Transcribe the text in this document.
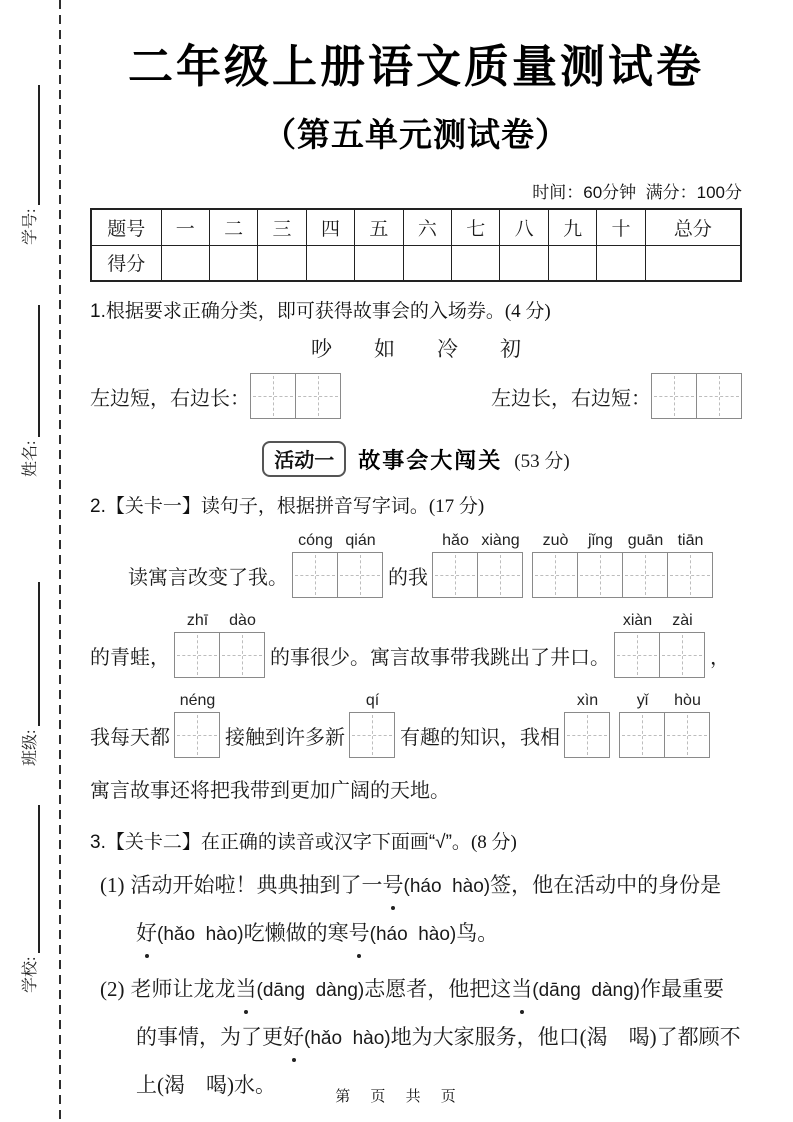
学号:
姓名:
班级:
学校:
二年级上册语文质量测试卷
（第五单元测试卷）
时间：60分钟  满分：100分
题号	一	二	三	四	五	六	七	八	九	十	总分
得分											
1.根据要求正确分类，即可获得故事会的入场券。(4 分)
吵 如 冷 初
左边短，右边长：	左边长，右边短：
活动一	故事会大闯关 (53 分)
2.【关卡一】读句子，根据拼音写字词。(17 分)
读寓言改变了我。
cóng qián
的我
hǎo xiàng	zuò	jǐng guān tiān
的青蛙，
zhī	dào
的事很少。寓言故事带我跳出了井口。
xiàn	zài
，
我每天都
néng
接触到许多新
qí
有趣的知识，我相
xìn	yǐ	hòu
寓言故事还将把我带到更加广阔的天地。
3.【关卡二】在正确的读音或汉字下面画“√”。(8 分)

(1) 活动开始啦！典典抽到了一号(háo  hào)签，他在活动中的身份是好(hǎo  hào)吃懒做的寒号(háo  hào)鸟。

(2) 老师让龙龙当(dāng  dàng)志愿者，他把这当(dāng  dàng)作最重要的事情，为了更好(hǎo  hào)地为大家服务，他口(渴　喝)了都顾不上(渴　喝)水。	第 页 共 页
